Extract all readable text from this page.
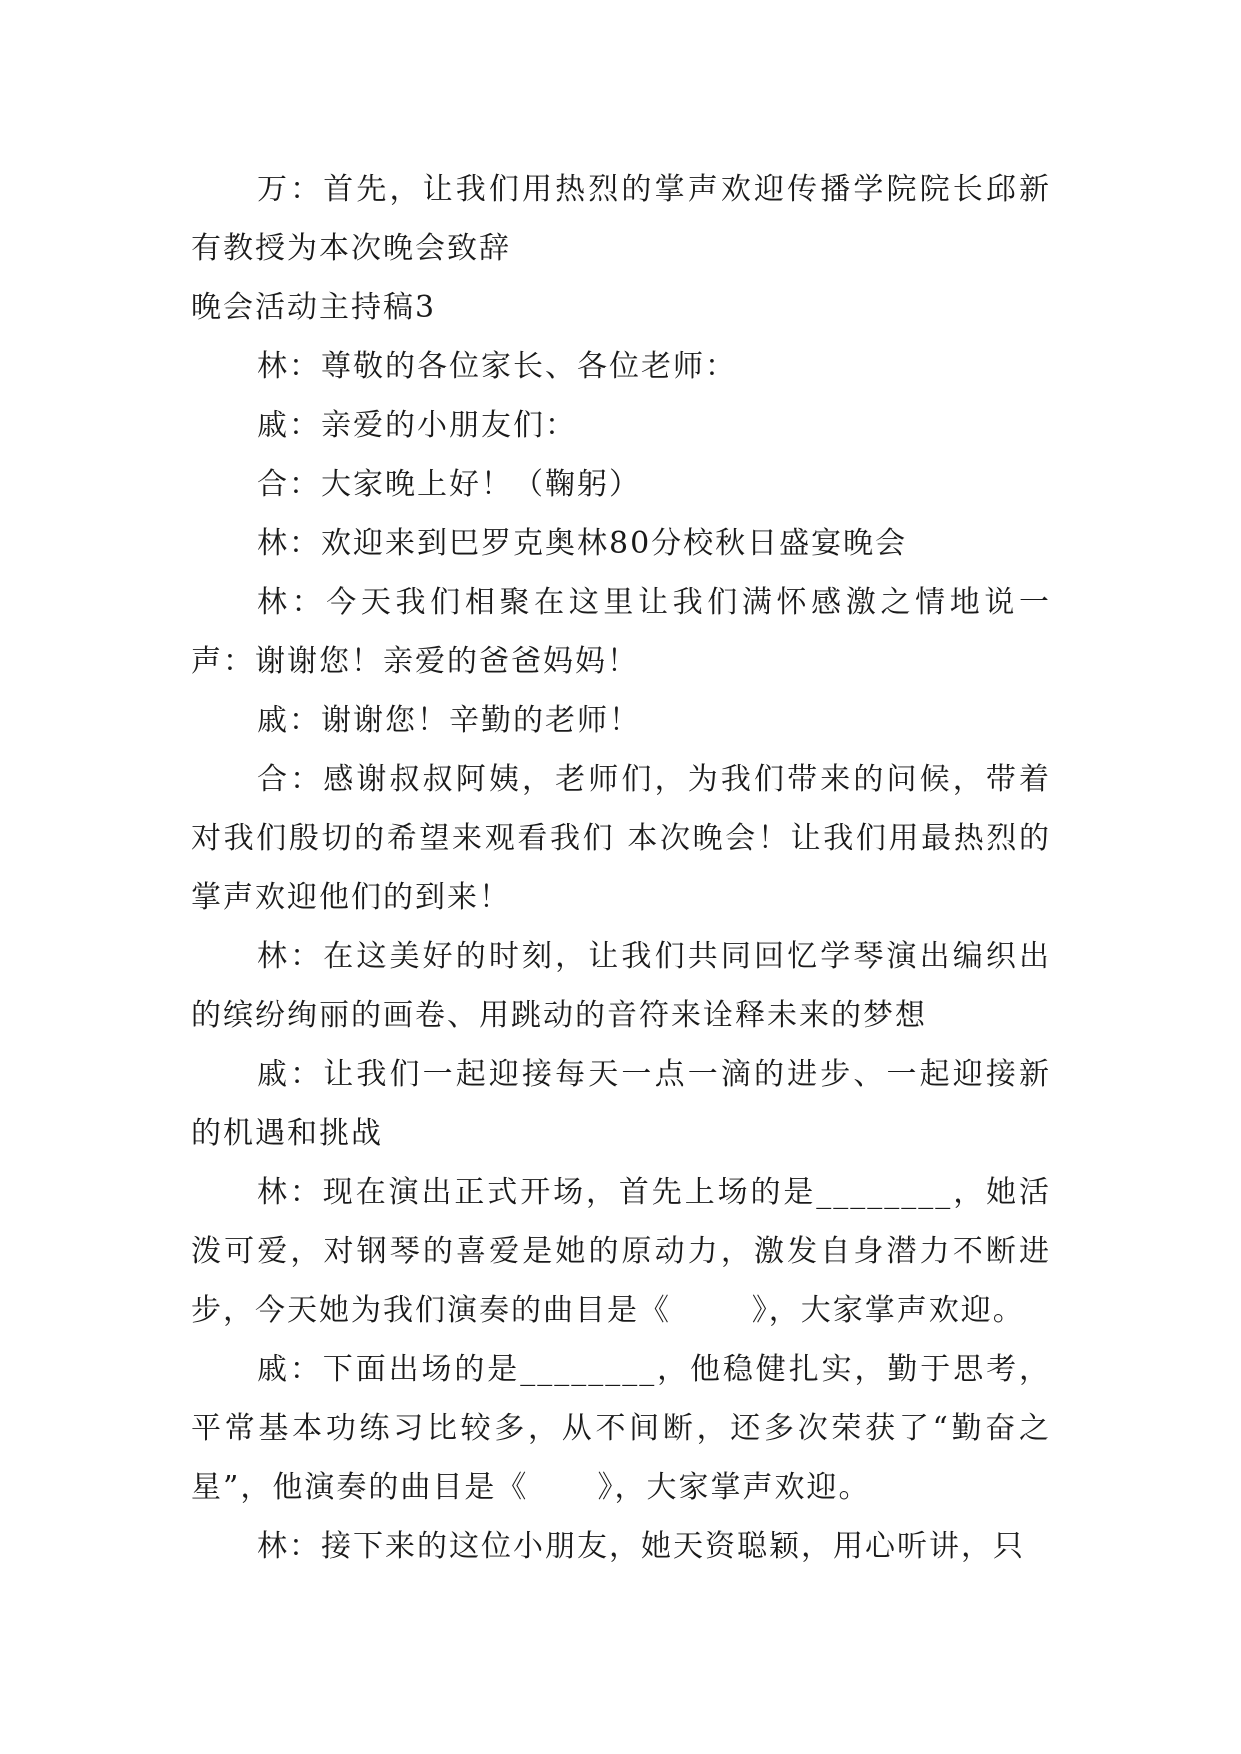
万：首先，让我们用热烈的掌声欢迎传播学院院长邱新有教授为本次晚会致辞

晚会活动主持稿3

林：尊敬的各位家长、各位老师：

戚：亲爱的小朋友们：

合：大家晚上好！（鞠躬）

林：欢迎来到巴罗克奥林80分校秋日盛宴晚会

林：今天我们相聚在这里让我们满怀感激之情地说一声：谢谢您！亲爱的爸爸妈妈！

戚：谢谢您！辛勤的老师！

合：感谢叔叔阿姨，老师们，为我们带来的问候，带着对我们殷切的希望来观看我们 本次晚会！让我们用最热烈的掌声欢迎他们的到来！

林：在这美好的时刻，让我们共同回忆学琴演出编织出的缤纷绚丽的画卷、用跳动的音符来诠释未来的梦想

戚：让我们一起迎接每天一点一滴的进步、一起迎接新的机遇和挑战

林：现在演出正式开场，首先上场的是________，她活泼可爱，对钢琴的喜爱是她的原动力，激发自身潜力不断进步，今天她为我们演奏的曲目是《       》，大家掌声欢迎。

戚：下面出场的是________，他稳健扎实，勤于思考，平常基本功练习比较多，从不间断，还多次荣获了“勤奋之星”，他演奏的曲目是《      》，大家掌声欢迎。

林：接下来的这位小朋友，她天资聪颖，用心听讲，只
